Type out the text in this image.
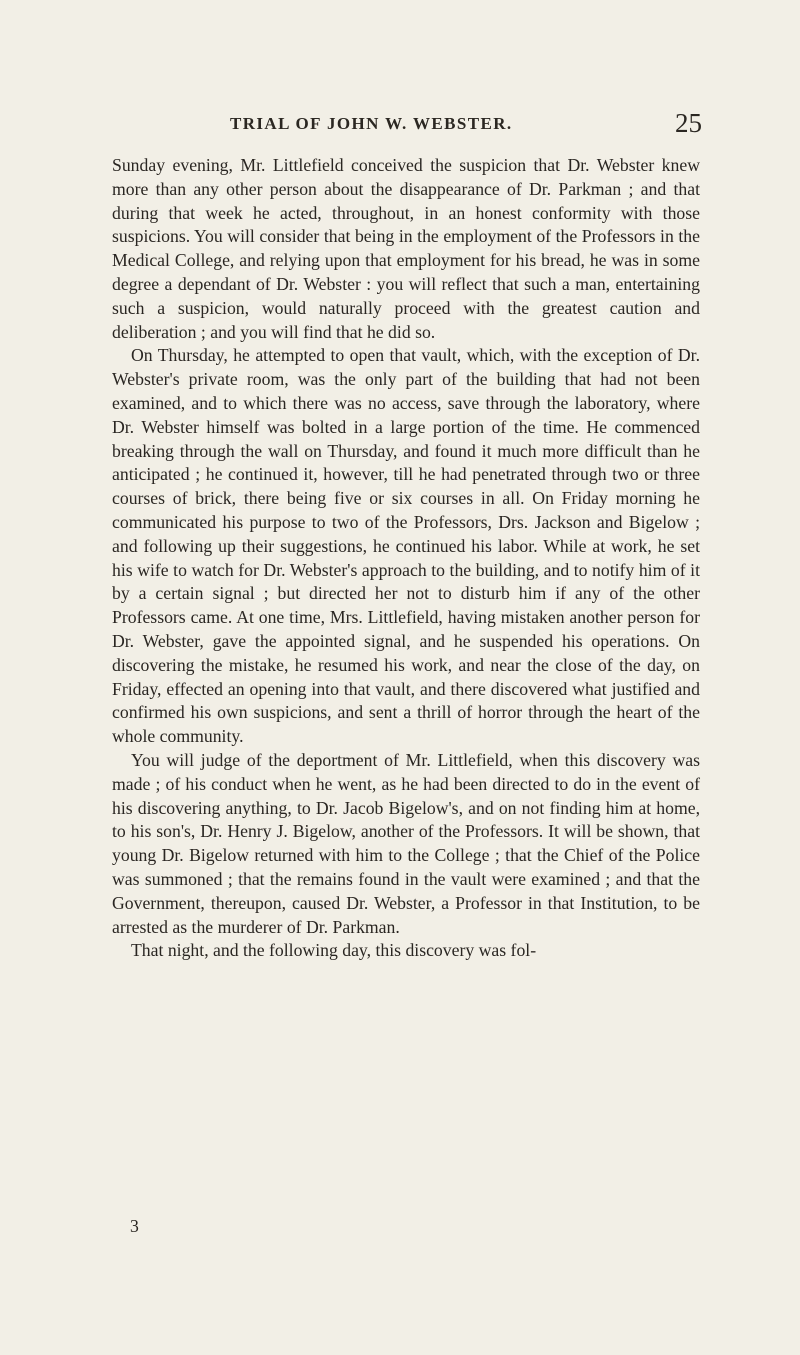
TRIAL OF JOHN W. WEBSTER.	25

Sunday evening, Mr. Littlefield conceived the suspicion that Dr. Webster knew more than any other person about the disappearance of Dr. Parkman ; and that during that week he acted, throughout, in an honest conformity with those suspicions. You will consider that being in the employment of the Professors in the Medical College, and relying upon that employment for his bread, he was in some degree a dependant of Dr. Webster : you will reflect that such a man, entertaining such a suspicion, would naturally proceed with the greatest caution and deliberation ; and you will find that he did so.

On Thursday, he attempted to open that vault, which, with the exception of Dr. Webster's private room, was the only part of the building that had not been examined, and to which there was no access, save through the laboratory, where Dr. Webster himself was bolted in a large portion of the time. He commenced breaking through the wall on Thursday, and found it much more difficult than he anticipated ; he continued it, however, till he had penetrated through two or three courses of brick, there being five or six courses in all. On Friday morning he communicated his purpose to two of the Professors, Drs. Jackson and Bigelow ; and following up their suggestions, he continued his labor. While at work, he set his wife to watch for Dr. Webster's approach to the building, and to notify him of it by a certain signal ; but directed her not to disturb him if any of the other Professors came. At one time, Mrs. Littlefield, having mistaken another person for Dr. Webster, gave the appointed signal, and he suspended his operations. On discovering the mistake, he resumed his work, and near the close of the day, on Friday, effected an opening into that vault, and there discovered what justified and confirmed his own suspicions, and sent a thrill of horror through the heart of the whole community.

You will judge of the deportment of Mr. Littlefield, when this discovery was made ; of his conduct when he went, as he had been directed to do in the event of his discovering anything, to Dr. Jacob Bigelow's, and on not finding him at home, to his son's, Dr. Henry J. Bigelow, another of the Professors. It will be shown, that young Dr. Bigelow returned with him to the College ; that the Chief of the Police was summoned ; that the remains found in the vault were examined ; and that the Government, thereupon, caused Dr. Webster, a Professor in that Institution, to be arrested as the murderer of Dr. Parkman.

That night, and the following day, this discovery was fol-

3
